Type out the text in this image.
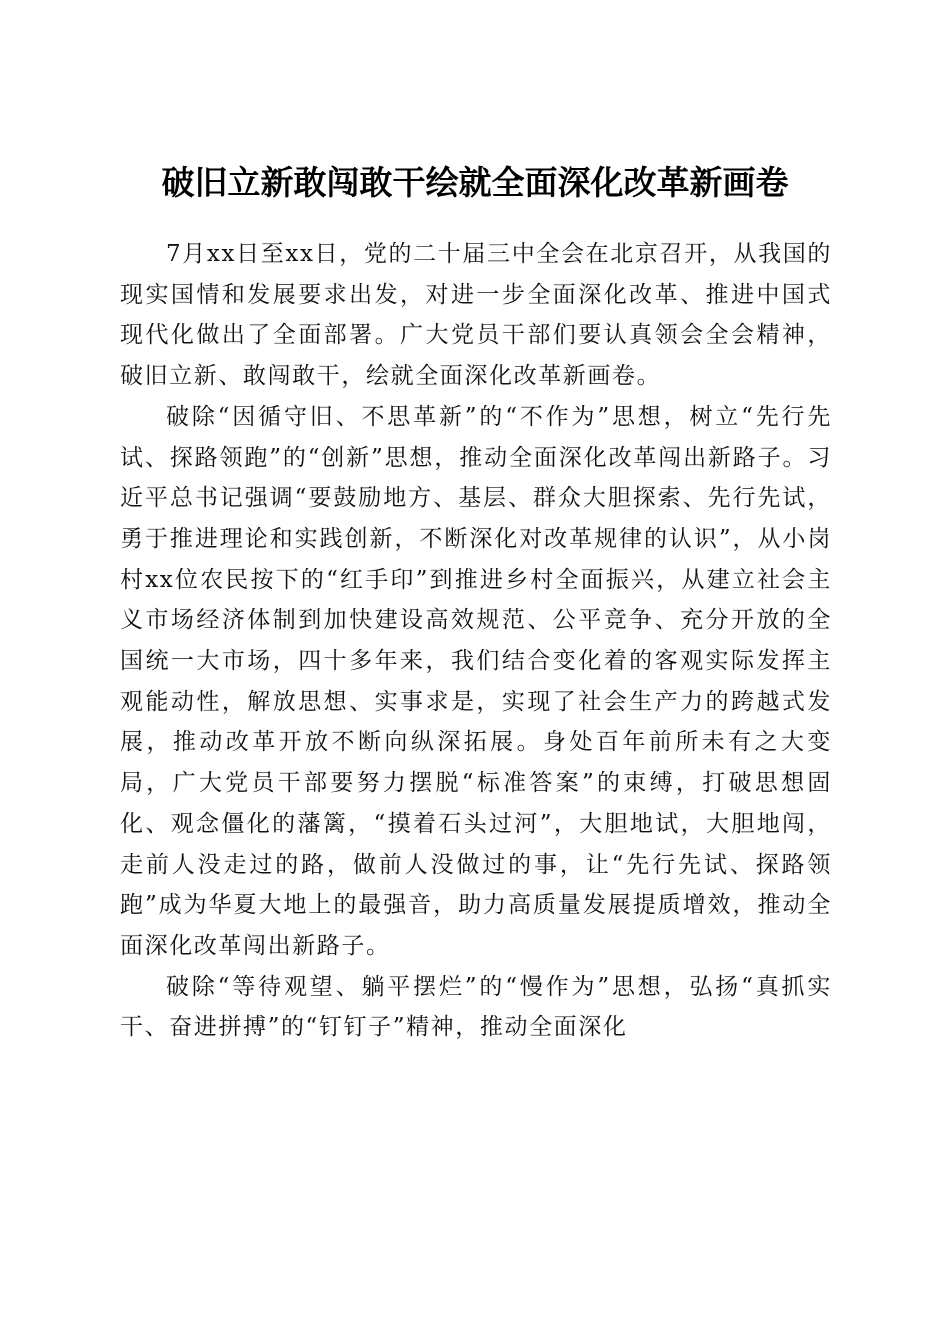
破旧立新敢闯敢干绘就全面深化改革新画卷

7月xx日至xx日，党的二十届三中全会在北京召开，从我国的现实国情和发展要求出发，对进一步全面深化改革、推进中国式现代化做出了全面部署。广大党员干部们要认真领会全会精神，破旧立新、敢闯敢干，绘就全面深化改革新画卷。

破除“因循守旧、不思革新”的“不作为”思想，树立“先行先试、探路领跑”的“创新”思想，推动全面深化改革闯出新路子。习近平总书记强调“要鼓励地方、基层、群众大胆探索、先行先试，勇于推进理论和实践创新，不断深化对改革规律的认识”，从小岗村xx位农民按下的“红手印”到推进乡村全面振兴，从建立社会主义市场经济体制到加快建设高效规范、公平竞争、充分开放的全国统一大市场，四十多年来，我们结合变化着的客观实际发挥主观能动性，解放思想、实事求是，实现了社会生产力的跨越式发展，推动改革开放不断向纵深拓展。身处百年前所未有之大变局，广大党员干部要努力摆脱“标准答案”的束缚，打破思想固化、观念僵化的藩篱，“摸着石头过河”，大胆地试，大胆地闯，走前人没走过的路，做前人没做过的事，让“先行先试、探路领跑”成为华夏大地上的最强音，助力高质量发展提质增效，推动全面深化改革闯出新路子。

破除“等待观望、躺平摆烂”的“慢作为”思想，弘扬“真抓实干、奋进拼搏”的“钉钉子”精神，推动全面深化
